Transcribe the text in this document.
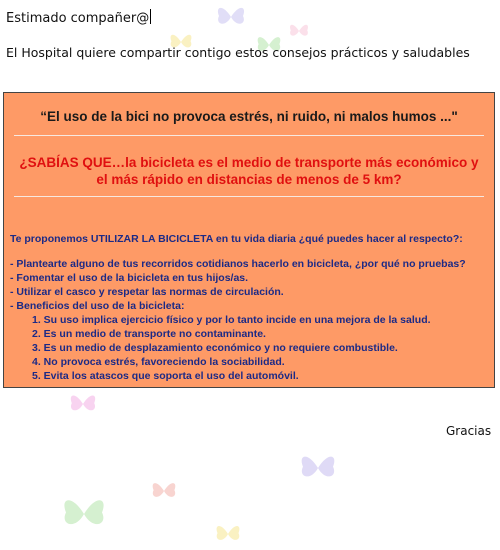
Estimado compañer@
El Hospital quiere compartir contigo estos consejos prácticos y saludables
“El uso de la bici no provoca estrés, ni ruido, ni malos humos ..."
¿SABÍAS QUE…la bicicleta es el medio de transporte más económico y el más rápido en distancias de menos de 5 km?
Te proponemos UTILIZAR LA BICICLETA en tu vida diaria ¿qué puedes hacer al respecto?:
- Plantearte alguno de tus recorridos cotidianos hacerlo en bicicleta, ¿por qué no pruebas?
- Fomentar el uso de la bicicleta en tus hijos/as.
- Utilizar el casco y respetar las normas de circulación.
- Beneficios del uso de la bicicleta:
1. Su uso implica ejercicio físico y por lo tanto incide en una mejora de la salud.
2. Es un medio de transporte no contaminante.
3. Es un medio de desplazamiento económico y no requiere combustible.
4. No provoca estrés, favoreciendo la sociabilidad.
5. Evita los atascos que soporta el uso del automóvil.
Gracias
